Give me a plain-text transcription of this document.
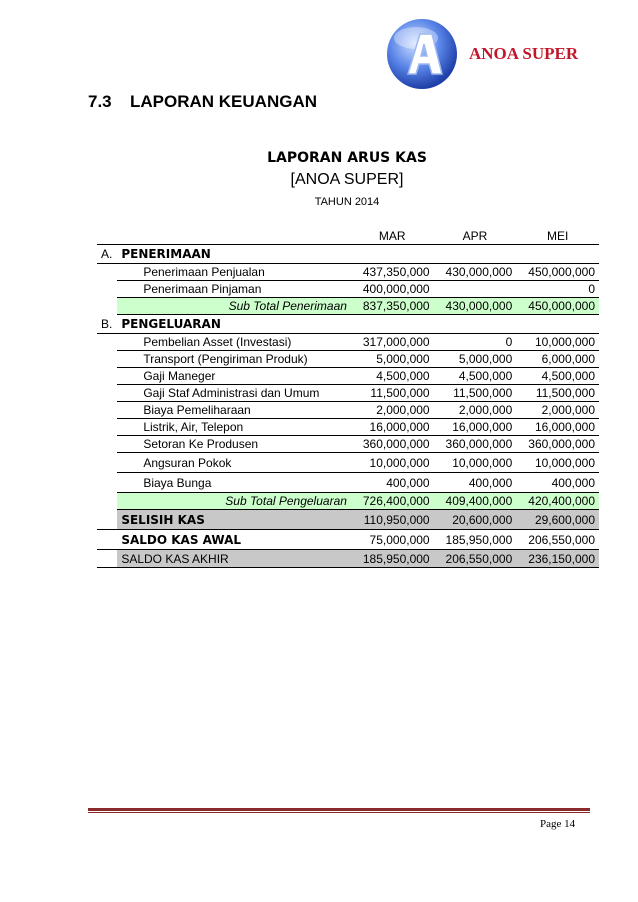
ANOA SUPER
7.3 LAPORAN KEUANGAN
LAPORAN ARUS KAS
[ANOA SUPER]
TAHUN 2014
		MAR	APR	MEI
A.	PENERIMAAN			
	Penerimaan Penjualan	437,350,000	430,000,000	450,000,000
	Penerimaan Pinjaman	400,000,000		0
	Sub Total Penerimaan	837,350,000	430,000,000	450,000,000
B.	PENGELUARAN			
	Pembelian Asset (Investasi)	317,000,000	0	10,000,000
	Transport (Pengiriman Produk)	5,000,000	5,000,000	6,000,000
	Gaji Maneger	4,500,000	4,500,000	4,500,000
	Gaji Staf Administrasi dan Umum	11,500,000	11,500,000	11,500,000
	Biaya Pemeliharaan	2,000,000	2,000,000	2,000,000
	Listrik, Air, Telepon	16,000,000	16,000,000	16,000,000
	Setoran Ke Produsen	360,000,000	360,000,000	360,000,000
	Angsuran Pokok	10,000,000	10,000,000	10,000,000
	Biaya Bunga	400,000	400,000	400,000
	Sub Total Pengeluaran	726,400,000	409,400,000	420,400,000
	SELISIH KAS	110,950,000	20,600,000	29,600,000
	SALDO KAS AWAL	75,000,000	185,950,000	206,550,000
	SALDO KAS AKHIR	185,950,000	206,550,000	236,150,000
Page 14
